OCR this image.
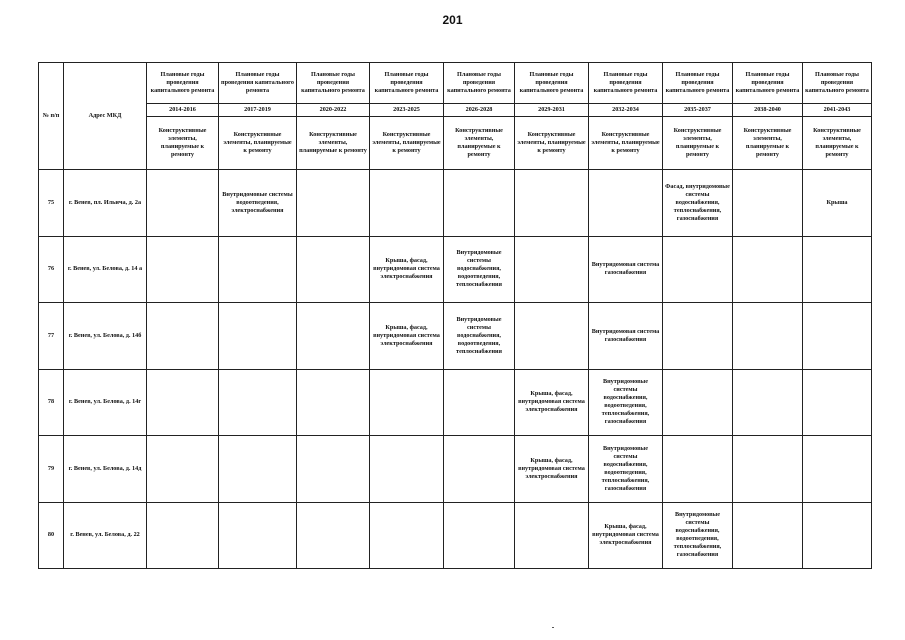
201
№ п/п	Адрес МКД	Плановые годы проведения капитального ремонта	Плановые годы проведения капитального ремонта	Плановые годы проведения капитального ремонта	Плановые годы проведения капитального ремонта	Плановые годы проведения капитального ремонта	Плановые годы проведения капитального ремонта	Плановые годы проведения капитального ремонта	Плановые годы проведения капитального ремонта	Плановые годы проведения капитального ремонта	Плановые годы проведения капитального ремонта
		2014-2016	2017-2019	2020-2022	2023-2025	2026-2028	2029-2031	2032-2034	2035-2037	2038-2040	2041-2043
		Конструктивные элементы, планируемые к ремонту	Конструктивные элементы, планируемые к ремонту	Конструктивные элементы, планируемые к ремонту	Конструктивные элементы, планируемые к ремонту	Конструктивные элементы, планируемые к ремонту	Конструктивные элементы, планируемые к ремонту	Конструктивные элементы, планируемые к ремонту	Конструктивные элементы, планируемые к ремонту	Конструктивные элементы, планируемые к ремонту	Конструктивные элементы, планируемые к ремонту
75	г. Венев, пл. Ильича, д. 2а		Внутридомовые системы водоотведения, электроснабжения						Фасад, внутридомовые системы водоснабжения, теплоснабжения, газоснабжения		Крыша
76	г. Венев, ул. Белова, д. 14 а				Крыша, фасад, внутридомовая система электроснабжения	Внутридомовые системы водоснабжения, водоотведения, теплоснабжения		Внутридомовая система газоснабжения			
77	г. Венев, ул. Белова, д. 14б				Крыша, фасад, внутридомовая система электроснабжения	Внутридомовые системы водоснабжения, водоотведения, теплоснабжения		Внутридомовая система газоснабжения			
78	г. Венев, ул. Белова, д. 14г						Крыша, фасад, внутридомовая система электроснабжения	Внутридомовые системы водоснабжения, водоотведения, теплоснабжения, газоснабжения			
79	г. Венев, ул. Белова, д. 14д						Крыша, фасад, внутридомовая система электроснабжения	Внутридомовые системы водоснабжения, водоотведения, теплоснабжения, газоснабжения			
80	г. Венев, ул. Белова, д. 22							Крыша, фасад, внутридомовая система электроснабжения	Внутридомовые системы водоснабжения, водоотведения, теплоснабжения, газоснабжения		
